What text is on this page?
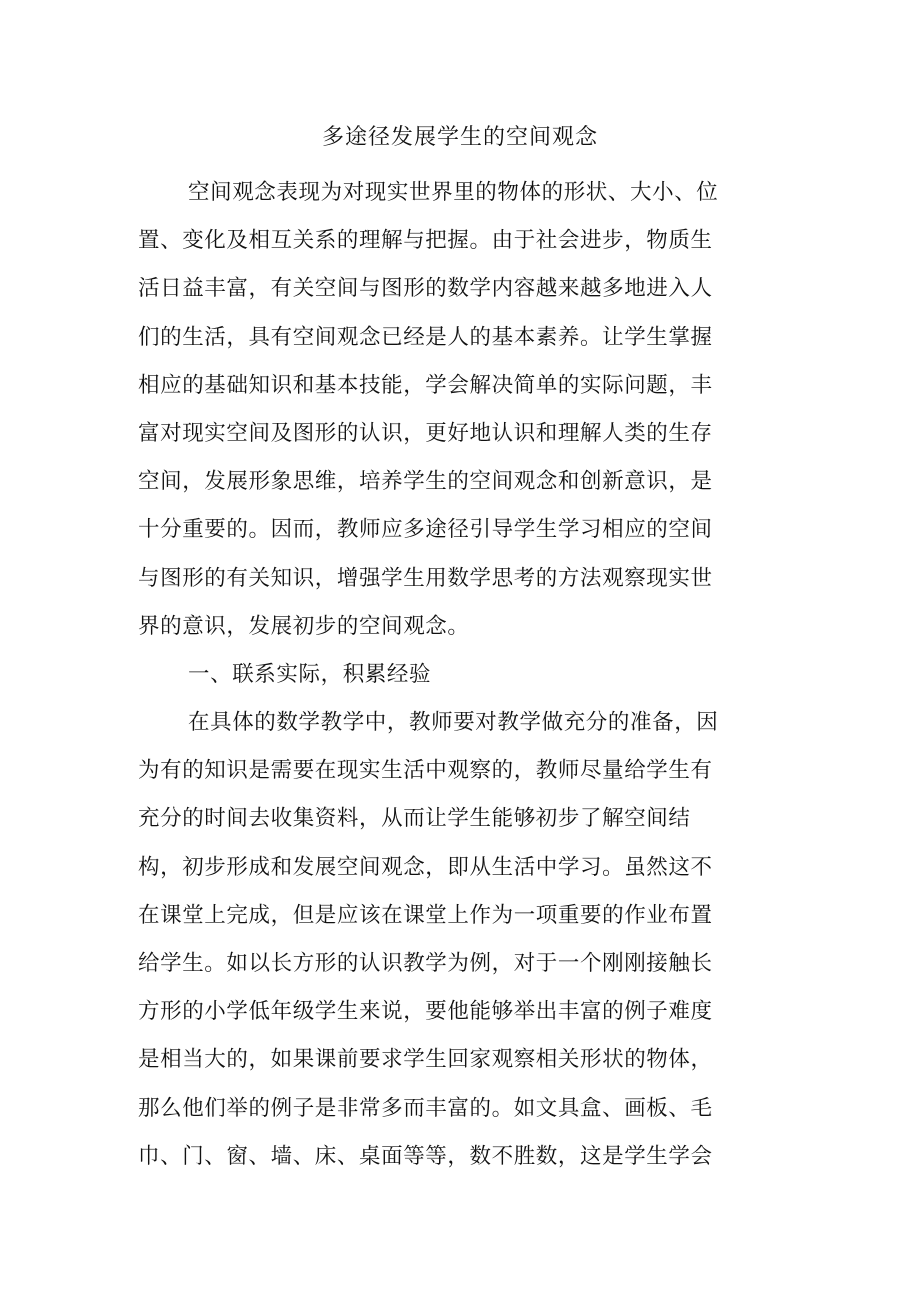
多途径发展学生的空间观念
空间观念表现为对现实世界里的物体的形状、大小、位
置、变化及相互关系的理解与把握。由于社会进步，物质生
活日益丰富，有关空间与图形的数学内容越来越多地进入人
们的生活，具有空间观念已经是人的基本素养。让学生掌握
相应的基础知识和基本技能，学会解决简单的实际问题，丰
富对现实空间及图形的认识，更好地认识和理解人类的生存
空间，发展形象思维，培养学生的空间观念和创新意识，是
十分重要的。因而，教师应多途径引导学生学习相应的空间
与图形的有关知识，增强学生用数学思考的方法观察现实世
界的意识，发展初步的空间观念。
一、联系实际，积累经验
在具体的数学教学中，教师要对教学做充分的准备，因
为有的知识是需要在现实生活中观察的，教师尽量给学生有
充分的时间去收集资料，从而让学生能够初步了解空间结
构，初步形成和发展空间观念，即从生活中学习。虽然这不
在课堂上完成，但是应该在课堂上作为一项重要的作业布置
给学生。如以长方形的认识教学为例，对于一个刚刚接触长
方形的小学低年级学生来说，要他能够举出丰富的例子难度
是相当大的，如果课前要求学生回家观察相关形状的物体，
那么他们举的例子是非常多而丰富的。如文具盒、画板、毛
巾、门、窗、墙、床、桌面等等，数不胜数，这是学生学会
